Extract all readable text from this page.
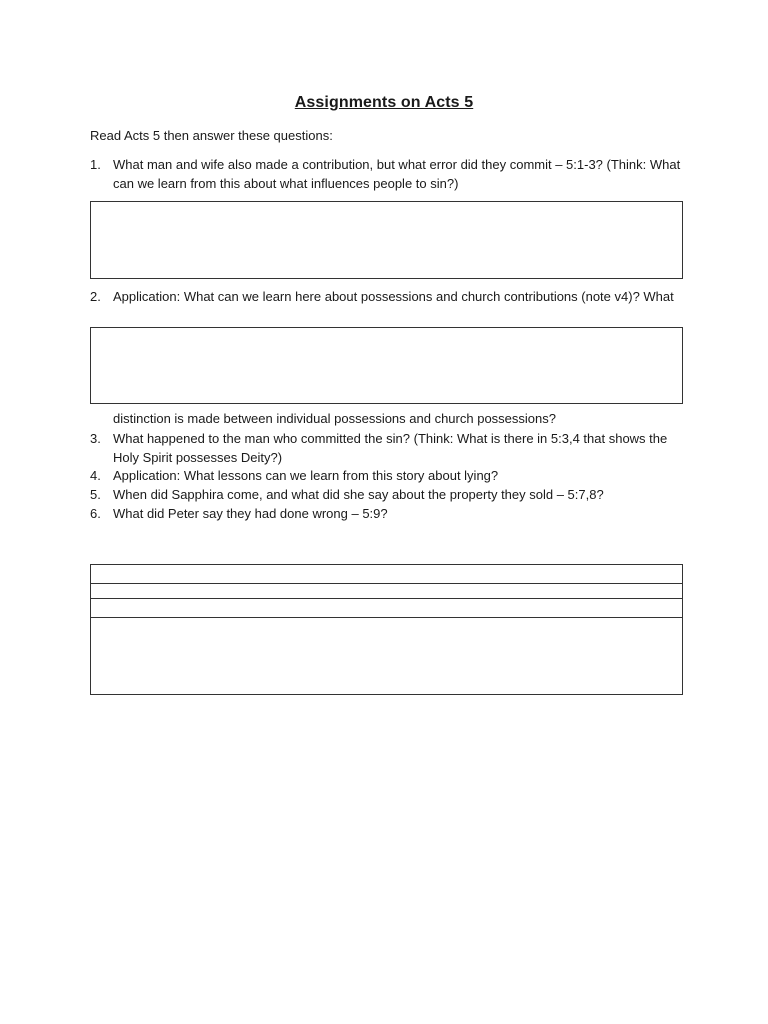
Assignments on Acts 5
Read Acts 5 then answer these questions:
1. What man and wife also made a contribution, but what error did they commit – 5:1-3? (Think: What can we learn from this about what influences people to sin?)
2. Application: What can we learn here about possessions and church contributions (note v4)? What
distinction is made between individual possessions and church possessions?
3. What happened to the man who committed the sin? (Think: What is there in 5:3,4 that shows the Holy Spirit possesses Deity?)
4. Application: What lessons can we learn from this story about lying?
5. When did Sapphira come, and what did she say about the property they sold – 5:7,8?
6. What did Peter say they had done wrong – 5:9?
